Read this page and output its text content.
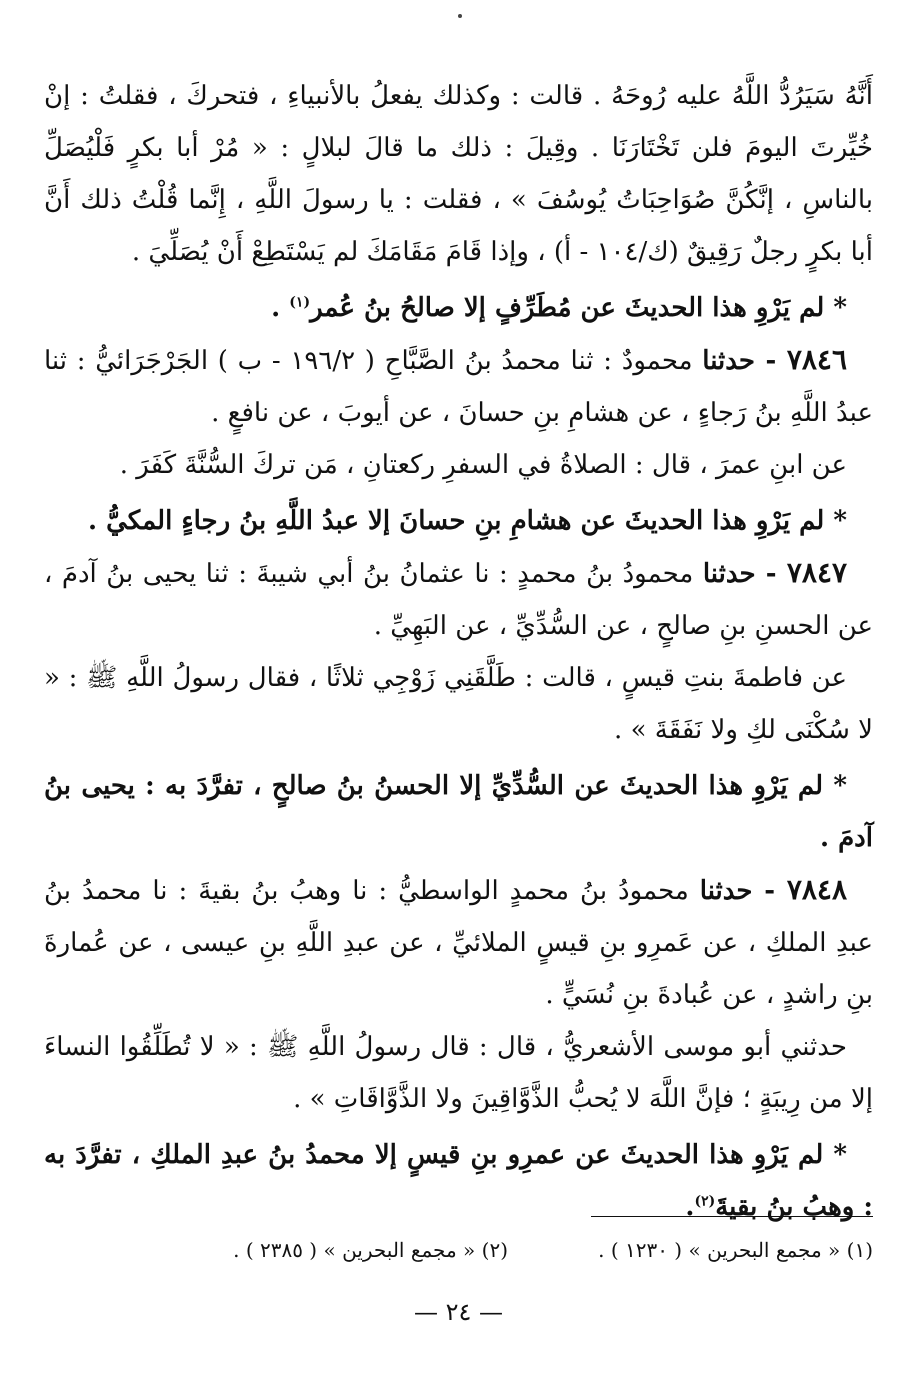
أَنَّهُ سَيَرُدُّ اللَّهُ عليه رُوحَهُ . قالت : وكذلك يفعلُ بالأنبياءِ ، فتحركَ ، فقلتُ : إنْ خُيِّرتَ اليومَ فلن تَخْتَارَنَا . وقِيلَ : ذلك ما قالَ لبلالٍ : « مُرْ أبا بكرٍ فَلْيُصَلِّ بالناسِ ، إنَّكُنَّ صُوَاحِبَاتُ يُوسُفَ » ، فقلت : يا رسولَ اللَّهِ ، إِنَّما قُلْتُ ذلك أَنَّ أبا بكرٍ رجلٌ رَقِيقٌ (ك/١٠٤ - أ) ، وإذا قَامَ مَقَامَكَ لم يَسْتَطِعْ أَنْ يُصَلِّيَ .

* لم يَرْوِ هذا الحديثَ عن مُطَرِّفٍ إلا صالحُ بنُ عُمر$^{(١)}$ .

٧٨٤٦ - حدثنا محمودٌ : ثنا محمدُ بنُ الصَّبَّاحِ ( ١٩٦/٢ - ب ) الجَرْجَرَائيُّ : ثنا عبدُ اللَّهِ بنُ رَجاءٍ ، عن هشامِ بنِ حسانَ ، عن أيوبَ ، عن نافعٍ .

عن ابنِ عمرَ ، قال : الصلاةُ في السفرِ ركعتانِ ، مَن تركَ السُّنَّةَ كَفَرَ .

* لم يَرْوِ هذا الحديثَ عن هشامِ بنِ حسانَ إلا عبدُ اللَّهِ بنُ رجاءٍ المكيُّ .

٧٨٤٧ - حدثنا محمودُ بنُ محمدٍ : نا عثمانُ بنُ أبي شيبةَ : ثنا يحيى بنُ آدمَ ، عن الحسنِ بنِ صالحٍ ، عن السُّدِّيِّ ، عن البَهِيِّ .

عن فاطمةَ بنتِ قيسٍ ، قالت : طَلَّقَنِي زَوْجِي ثلاثًا ، فقال رسولُ اللَّهِ ﷺ : « لا سُكْنَى لكِ ولا نَفَقَةَ » .

* لم يَرْوِ هذا الحديثَ عن السُّدِّيِّ إلا الحسنُ بنُ صالحٍ ، تفرَّدَ به : يحيى بنُ آدمَ .

٧٨٤٨ - حدثنا محمودُ بنُ محمدٍ الواسطيُّ : نا وهبُ بنُ بقيةَ : نا محمدُ بنُ عبدِ الملكِ ، عن عَمرِو بنِ قيسٍ الملائيِّ ، عن عبدِ اللَّهِ بنِ عيسى ، عن عُمارةَ بنِ راشدٍ ، عن عُبادةَ بنِ نُسَيٍّ .

حدثني أبو موسى الأشعريُّ ، قال : قال رسولُ اللَّهِ ﷺ : « لا تُطَلِّقُوا النساءَ إلا من رِيبَةٍ ؛ فإنَّ اللَّهَ لا يُحبُّ الذَّوَّاقِينَ ولا الذَّوَّاقَاتِ » .

* لم يَرْوِ هذا الحديثَ عن عمرِو بنِ قيسٍ إلا محمدُ بنُ عبدِ الملكِ ، تفرَّدَ به : وهبُ بنُ بقيةَ$^{(٢)}$.

(١) « مجمع البحرين » ( ١٢٣٠ ) .
(٢) « مجمع البحرين » ( ٢٣٨٥ ) .
— ٢٤ —
